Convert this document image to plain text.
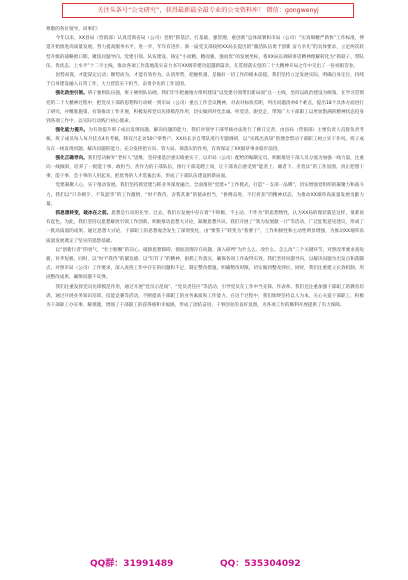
关注头条号“公文研究”，获得最新最全最专业的公文资料库！ 微信：gongwenyj

尊敬的各位领导、同事们：

今年以来，XX县局（营销部）认真贯彻省局（公司）党组“抓基层、打基础、强管理、重创新”总体部署和市局（公司）“实真细精严新快”工作标准，伸延开始推进高质量发展。努力提高服务水平，进一步，年年有进步。新一届党支部按照XX局长提出的“激活队伍勇于创新 奋力争先”的具体要求，立足两次转型升级的战略窗口期，聚焦问题导向、党建引领、队伍建设、铸定“小而精、精而强、强而优”的发展坐标，将XX局长调研讲话精神理解转化为“抓稳子、带队伍、优状态、上水平”十二字主线，推动各项工作落地落实奋力书写XX烟草建功超越新篇章，在贯彻落实党的二十大精神开局之年中交出了一份亮眼答卷。

因势而谋，才能谋定后动；顺势而为，才能有效作为。认清形势，把握机遇，是做好一切工作的根本前提。我们坚持立足发展实际，明确自身定位，持续于自身建设融入日常工作，大力营造实干担当、奋勇争先的工作氛围。

强化政治引领。班子强则队伍强，班子硬则队伍硬。我们牢牢把握地方组织建设“以党建引领带出新局面”这一主线，坚持以政治建设为统领，在学习贯彻党的二十大精神过程中，把党员干部的思想和行动统一到市局（公司）重点工作会议精神，对表对标找差距，列出问题清单6个难点，提出18个具体方面进行了研究，并精准施策，有效推动工作开展，积极发挥党员先锋模范作用，切实做到对党忠诚、听党话、跟党走，带领广大干部职工以更加饱满的精神状态投身到各项工作中，以实际行动践行初心使命。

强化能力提升。为有效提升班子成员发现问题、解决问题的能力，我们对领导干部考核办法进行了修订完善，由县局（营销部）主要负责人直接负责考核，班子成员每人每月挂点4名考核，除双月走访50户零售户，XX局长亲自带队进行专题调研，以“实践出真知”的理念带动干部职工树立实干作风。班子成员在一线发现问题、解决问题的能力，充分发挥把方向、管大局、保落实的作用，有效保证了XX烟草事业稳步前进。

强化正确导向。我们坚决摒弃“老好人”思维，坚持重基层重实绩重实干，以市局（公司）配给的编制定员，积极推进干部人员分流为加强一线力量，注重向一线倾斜，培养了一批能干事、敢担当、善作为的干部队伍，推行干部竞聘上岗，让干部真正感受到“能者上、庸者下、劣者汰”的工作氛围，真正把想干事、能干事、会干事的人用起来，把优秀的人才选拔出来，形成了干部队伍建设的新局面。

党建凝聚人心，实干推动发展。我们坚持抓党建与抓业务深度融合，全面推进“党建+”工作模式，打造“一支部一品牌”，切实增强党组织的凝聚力和战斗力。我们以“只争朝夕、不负韶华”的工作激情，“时不我待、舍我其谁”的使命担当，“拼搏奋进、不打折扣”的精神状态，为推动XX烟草高质量发展贡献力量。

抓思想转变，破冰在之前。思想是行动的先导。过去，我们在发展中存在着“不积极、不主动、不作为”的思想惰性，认为XX局的现状就是这样，很难再有起色。为此，我们坚持以思想解放引领工作创新，积极推动思想大讨论，凝聚思想共识。我们开展了“我为发展献一计”等活动，广泛征集意见建议，形成了一批高质量的成果。通过思想大讨论，干部职工的思想观念发生了深刻变化，由“要我干”转变为“我要干”，工作积极性和主动性明显增强，为推动XX烟草高质量发展奠定了坚实的思想基础。

以“创新行者”的勇气、“壮士断腕”的决心，破除思想障碍，彻底清理存在问题，深入研判“为什么么、改什么、怎么改”三个关键环节，对照改革要求查短板，补齐短板。同时，以“时不我待”的紧迫感，以“钉钉子”的精神，狠抓工作落实，确保各项工作取得实效。我们坚持问题导向，以解决问题为出发点和落脚点，对照市局（公司）工作要求，深入查找工作中存在的问题和不足，制定整改措施，明确整改时限，切实做到整改到位。同时，我们注重建立长效机制，巩固整改成果，确保问题不反弹。

我们注重发挥党员先锋模范作用，通过开展“党员示范岗”、“党员责任区”等活动，引导党员在工作中当先锋、作表率。我们还注重加强干部职工的教育培训，通过开展业务知识培训、技能竞赛等活动，不断提高干部职工的业务素质和工作能力。在这个过程中，我们始终坚持以人为本，关心关爱干部职工，积极为干部职工办实事、解难题，增强了干部职工的获得感和幸福感，形成了团结奋进、干事创业的良好氛围，为各项工作的顺利开展提供了有力保障。

QQ群：31991489	QQ：535304092
